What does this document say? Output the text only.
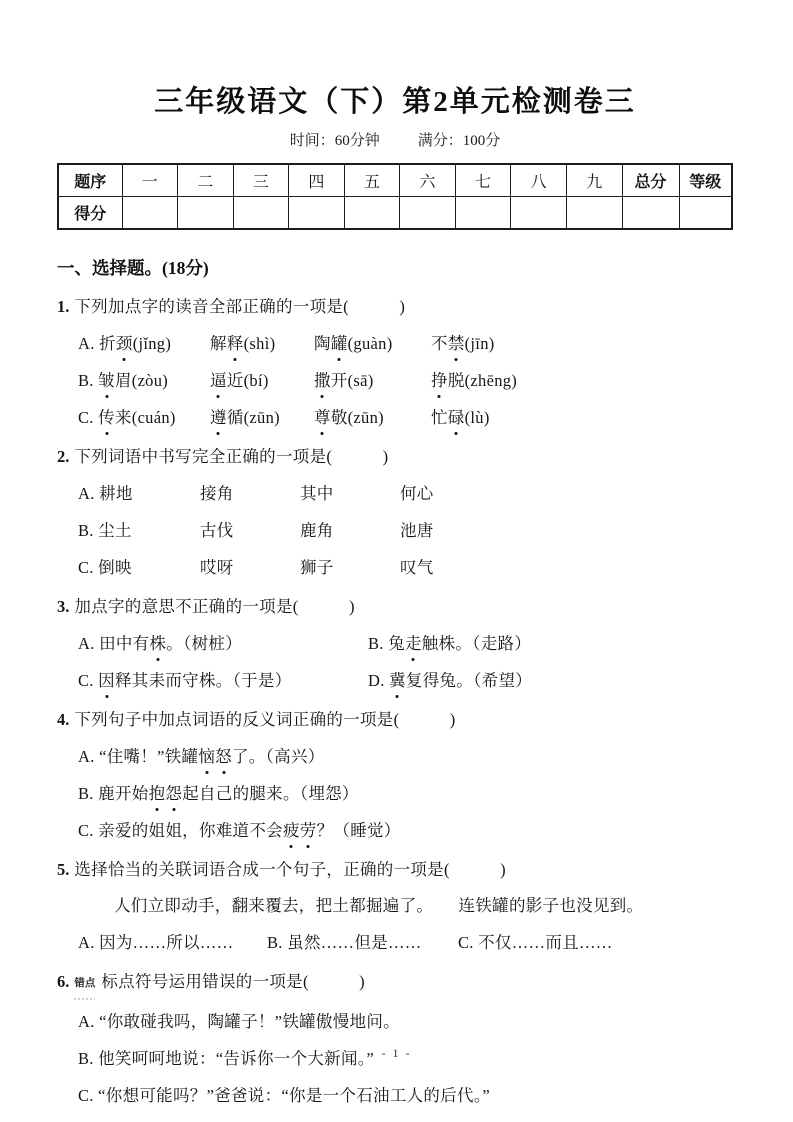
三年级语文（下）第2单元检测卷三
时间：60分钟	满分：100分
题序	一	二	三	四	五	六	七	八	九	总分	等级
得分											
一、选择题。(18分)
1. 下列加点字的读音全部正确的一项是(　　　)
A. 折颈(jǐng)	解释(shì)	陶罐(guàn)	不禁(jīn)
B. 皱眉(zòu)	逼近(bí)	撒开(sā)	挣脱(zhēng)
C. 传来(cuán)	遵循(zūn)	尊敬(zūn)	忙碌(lù)
2. 下列词语中书写完全正确的一项是(　　　)
A. 耕地	接角	其中	何心
B. 尘土	古伐	鹿角	池唐
C. 倒映	哎呀	狮子	叹气
3. 加点字的意思不正确的一项是(　　　)
A. 田中有株。（树桩）	B. 兔走触株。（走路）
C. 因释其耒而守株。（于是）	D. 冀复得兔。（希望）
4. 下列句子中加点词语的反义词正确的一项是(　　　)
A. “住嘴！”铁罐恼怒了。（高兴）
B. 鹿开始抱怨起自己的腿来。（埋怨）
C. 亲爱的姐姐，你难道不会疲劳？（睡觉）
5. 选择恰当的关联词语合成一个句子，正确的一项是(　　　)
人们立即动手，翻来覆去，把土都掘遍了。　　连铁罐的影子也没见到。
A. 因为……所以……	B. 虽然……但是……	C. 不仅……而且……
6. 错点 标点符号运用错误的一项是(　　　)
A. “你敢碰我吗，陶罐子！”铁罐傲慢地问。
B. 他笑呵呵地说：“告诉你一个大新闻。”
C. “你想可能吗？”爸爸说：“你是一个石油工人的后代。”
- 1 -
